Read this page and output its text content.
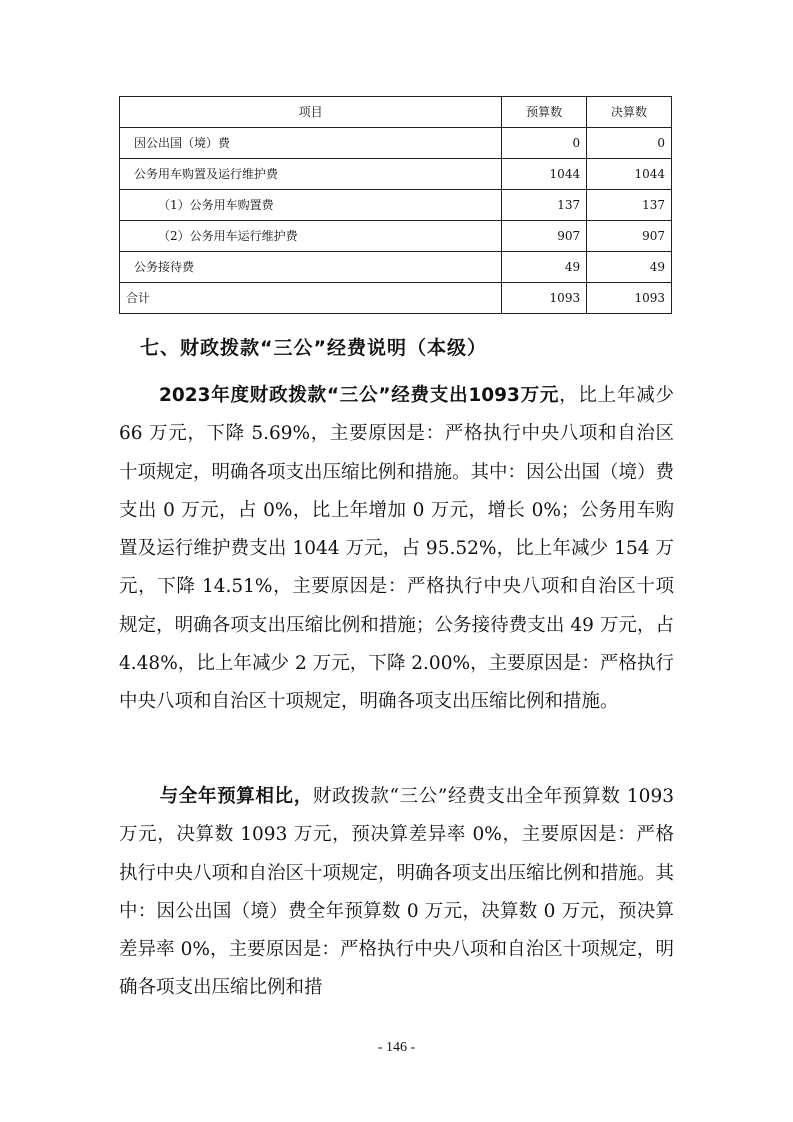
项目	预算数	决算数
因公出国（境）费	0	0
公务用车购置及运行维护费	1044	1044
（1）公务用车购置费	137	137
（2）公务用车运行维护费	907	907
公务接待费	49	49
合计	1093	1093
七、财政拨款“三公”经费说明（本级）
2023年度财政拨款“三公”经费支出1093万元，比上年减少 66 万元，下降 5.69%，主要原因是：严格执行中央八项和自治区十项规定，明确各项支出压缩比例和措施。其中：因公出国（境）费支出 0 万元，占 0%，比上年增加 0 万元，增长 0%；公务用车购置及运行维护费支出 1044 万元，占 95.52%，比上年减少 154 万元，下降 14.51%，主要原因是：严格执行中央八项和自治区十项规定，明确各项支出压缩比例和措施；公务接待费支出 49 万元，占 4.48%，比上年减少 2 万元，下降 2.00%，主要原因是：严格执行中央八项和自治区十项规定，明确各项支出压缩比例和措施。
与全年预算相比，财政拨款“三公”经费支出全年预算数 1093 万元，决算数 1093 万元，预决算差异率 0%，主要原因是：严格执行中央八项和自治区十项规定，明确各项支出压缩比例和措施。其中：因公出国（境）费全年预算数 0 万元，决算数 0 万元，预决算差异率 0%，主要原因是：严格执行中央八项和自治区十项规定，明确各项支出压缩比例和措
- 146 -
